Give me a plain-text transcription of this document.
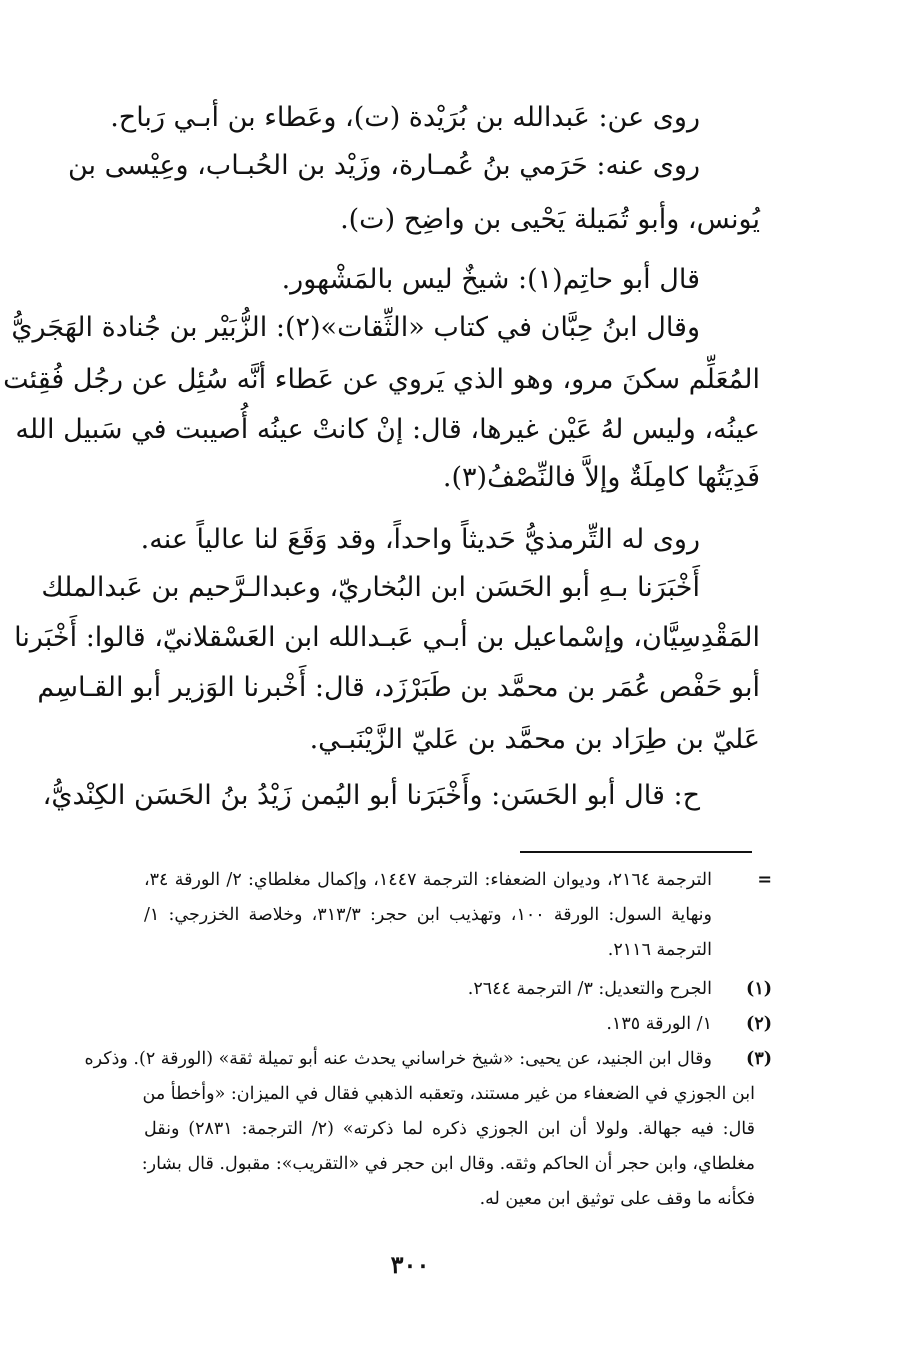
روى عن: عَبدالله بن بُرَيْدة (ت)، وعَطاء بن أبـي رَباح.
روى عنه: حَرَمي بنُ عُمـارة، وزَيْد بن الحُبـاب، وعِيْسى بن
يُونس، وأبو تُمَيلة يَحْيى بن واضِح (ت).
قال أبو حاتِم(١): شيخٌ ليس بالمَشْهور.
وقال ابنُ حِبَّان في كتاب «الثِّقات»(٢): الزُّبَيْر بن جُنادة الهَجَريُّ
المُعَلِّم سكنَ مرو، وهو الذي يَروي عن عَطاء أنَّه سُئِل عن رجُل فُقِئت
عينُه، وليس لهُ عَيْن غيرها، قال: إنْ كانتْ عينُه أُصيبت في سَبيل الله
فَدِيَتُها كامِلَةٌ وإلاَّ فالنِّصْفُ(٣).
روى له التِّرمذيُّ حَديثاً واحداً، وقد وَقَعَ لنا عالياً عنه.
أَخْبَرَنا بـهِ أبو الحَسَن ابن البُخاريّ، وعبدالـرَّحيم بن عَبدالملك
المَقْدِسِيَّان، وإسْماعيل بن أبـي عَبـدالله ابن العَسْقلانيّ، قالوا: أَخْبَرنا
أبو حَفْص عُمَر بن محمَّد بن طَبَرْزَد، قال: أَخْبرنا الوَزير أبو القـاسِم
عَليّ بن طِرَاد بن محمَّد بن عَليّ الزَّيْنَبـي.
ح: قال أبو الحَسَن: وأَخْبَرَنا أبو اليُمن زَيْدُ بنُ الحَسَن الكِنْديُّ،
=
الترجمة ٢١٦٤، وديوان الضعفاء: الترجمة ١٤٤٧، وإكمال مغلطاي: ٢/ الورقة ٣٤،
ونهاية السول: الورقة ١٠٠، وتهذيب ابن حجر: ٣١٣/٣، وخلاصة الخزرجي: ١/
الترجمة ٢١١٦.
(١)
الجرح والتعديل: ٣/ الترجمة ٢٦٤٤.
(٢)
١/ الورقة ١٣٥.
(٣)
وقال ابن الجنيد، عن يحيى: «شيخ خراساني يحدث عنه أبو تميلة ثقة» (الورقة ٢). وذكره
ابن الجوزي في الضعفاء من غير مستند، وتعقبه الذهبي فقال في الميزان: «وأخطأ من
قال: فيه جهالة. ولولا أن ابن الجوزي ذكره لما ذكرته» (٢/ الترجمة: ٢٨٣١) ونقل
مغلطاي، وابن حجر أن الحاكم وثقه. وقال ابن حجر في «التقريب»: مقبول. قال بشار:
فكأنه ما وقف على توثيق ابن معين له.
٣٠٠
